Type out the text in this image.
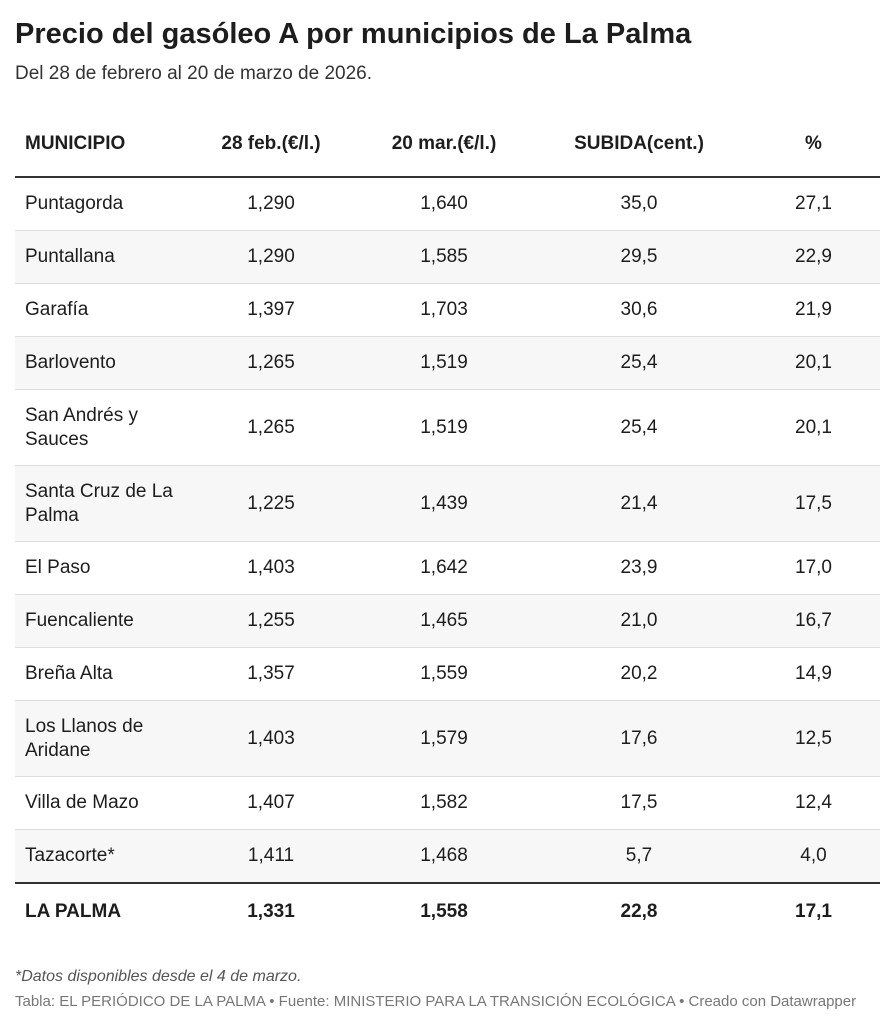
Precio del gasóleo A por municipios de La Palma
Del 28 de febrero al 20 de marzo de 2026.
MUNICIPIO	28 feb.(€/l.)	20 mar.(€/l.)	SUBIDA(cent.)	%
Puntagorda	1,290	1,640	35,0	27,1
Puntallana	1,290	1,585	29,5	22,9
Garafía	1,397	1,703	30,6	21,9
Barlovento	1,265	1,519	25,4	20,1
San Andrés y Sauces	1,265	1,519	25,4	20,1
Santa Cruz de La Palma	1,225	1,439	21,4	17,5
El Paso	1,403	1,642	23,9	17,0
Fuencaliente	1,255	1,465	21,0	16,7
Breña Alta	1,357	1,559	20,2	14,9
Los Llanos de Aridane	1,403	1,579	17,6	12,5
Villa de Mazo	1,407	1,582	17,5	12,4
Tazacorte*	1,411	1,468	5,7	4,0
LA PALMA	1,331	1,558	22,8	17,1
*Datos disponibles desde el 4 de marzo.
Tabla: EL PERIÓDICO DE LA PALMA • Fuente: MINISTERIO PARA LA TRANSICIÓN ECOLÓGICA • Creado con Datawrapper
